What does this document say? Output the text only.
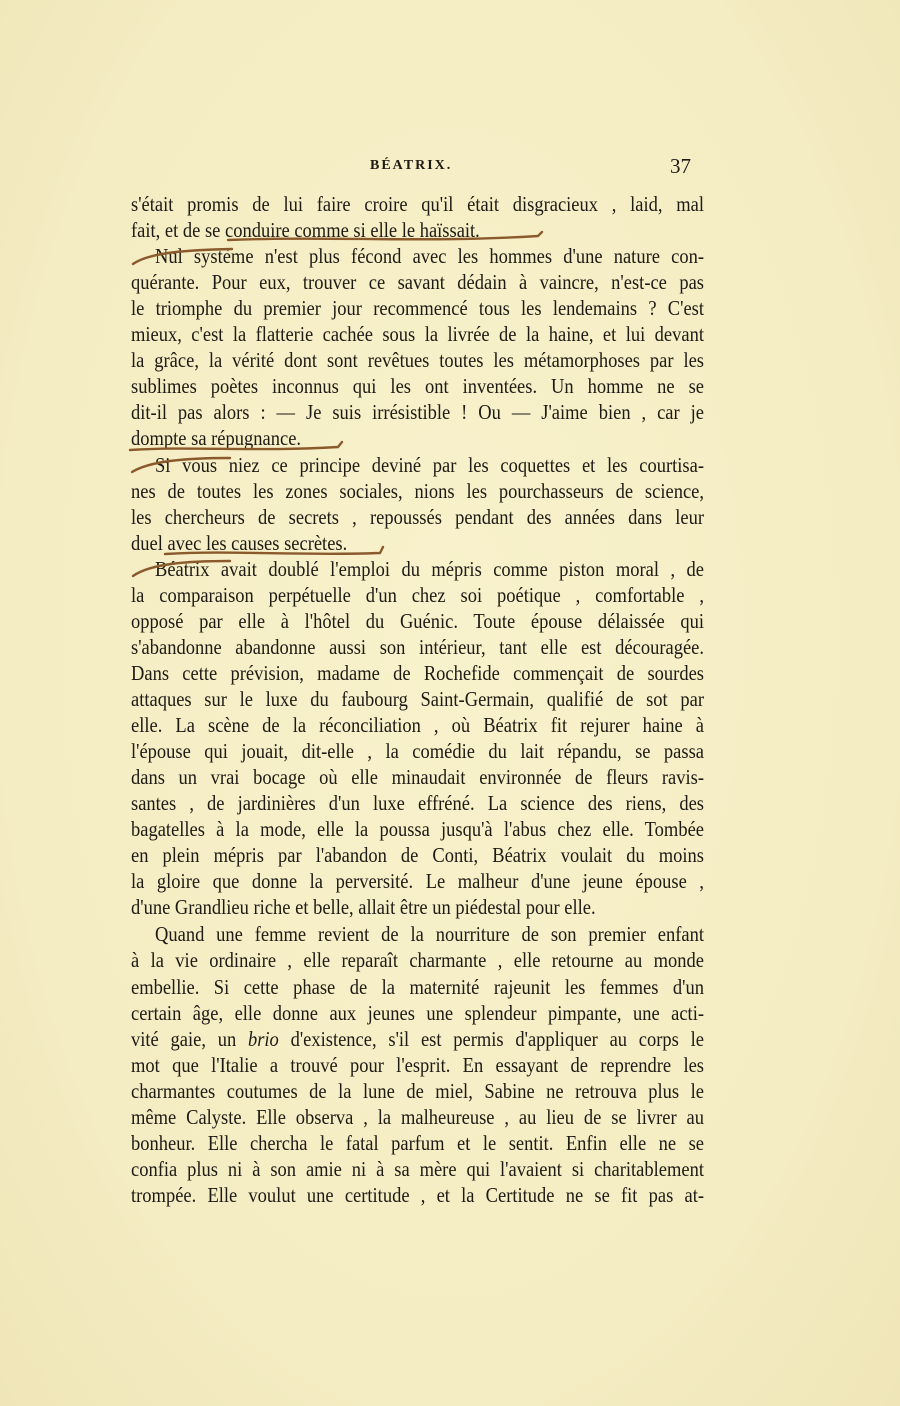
BÉATRIX.	37
s'était promis de lui faire croire qu'il était disgracieux , laid, mal
fait, et de se conduire comme si elle le haïssait.
Nul système n'est plus fécond avec les hommes d'une nature con-
quérante. Pour eux, trouver ce savant dédain à vaincre, n'est-ce pas
le triomphe du premier jour recommencé tous les lendemains ? C'est
mieux, c'est la flatterie cachée sous la livrée de la haine, et lui devant
la grâce, la vérité dont sont revêtues toutes les métamorphoses par les
sublimes poètes inconnus qui les ont inventées. Un homme ne se
dit-il pas alors : — Je suis irrésistible ! Ou — J'aime bien , car je
dompte sa répugnance.
Si vous niez ce principe deviné par les coquettes et les courtisa-
nes de toutes les zones sociales, nions les pourchasseurs de science,
les chercheurs de secrets , repoussés pendant des années dans leur
duel avec les causes secrètes.
Béatrix avait doublé l'emploi du mépris comme piston moral , de
la comparaison perpétuelle d'un chez soi poétique , comfortable ,
opposé par elle à l'hôtel du Guénic. Toute épouse délaissée qui
s'abandonne abandonne aussi son intérieur, tant elle est découragée.
Dans cette prévision, madame de Rochefide commençait de sourdes
attaques sur le luxe du faubourg Saint-Germain, qualifié de sot par
elle. La scène de la réconciliation , où Béatrix fit rejurer haine à
l'épouse qui jouait, dit-elle , la comédie du lait répandu, se passa
dans un vrai bocage où elle minaudait environnée de fleurs ravis-
santes , de jardinières d'un luxe effréné. La science des riens, des
bagatelles à la mode, elle la poussa jusqu'à l'abus chez elle. Tombée
en plein mépris par l'abandon de Conti, Béatrix voulait du moins
la gloire que donne la perversité. Le malheur d'une jeune épouse ,
d'une Grandlieu riche et belle, allait être un piédestal pour elle.
Quand une femme revient de la nourriture de son premier enfant
à la vie ordinaire , elle reparaît charmante , elle retourne au monde
embellie. Si cette phase de la maternité rajeunit les femmes d'un
certain âge, elle donne aux jeunes une splendeur pimpante, une acti-
vité gaie, un brio d'existence, s'il est permis d'appliquer au corps le
mot que l'Italie a trouvé pour l'esprit. En essayant de reprendre les
charmantes coutumes de la lune de miel, Sabine ne retrouva plus le
même Calyste. Elle observa , la malheureuse , au lieu de se livrer au
bonheur. Elle chercha le fatal parfum et le sentit. Enfin elle ne se
confia plus ni à son amie ni à sa mère qui l'avaient si charitablement
trompée. Elle voulut une certitude , et la Certitude ne se fit pas at-
